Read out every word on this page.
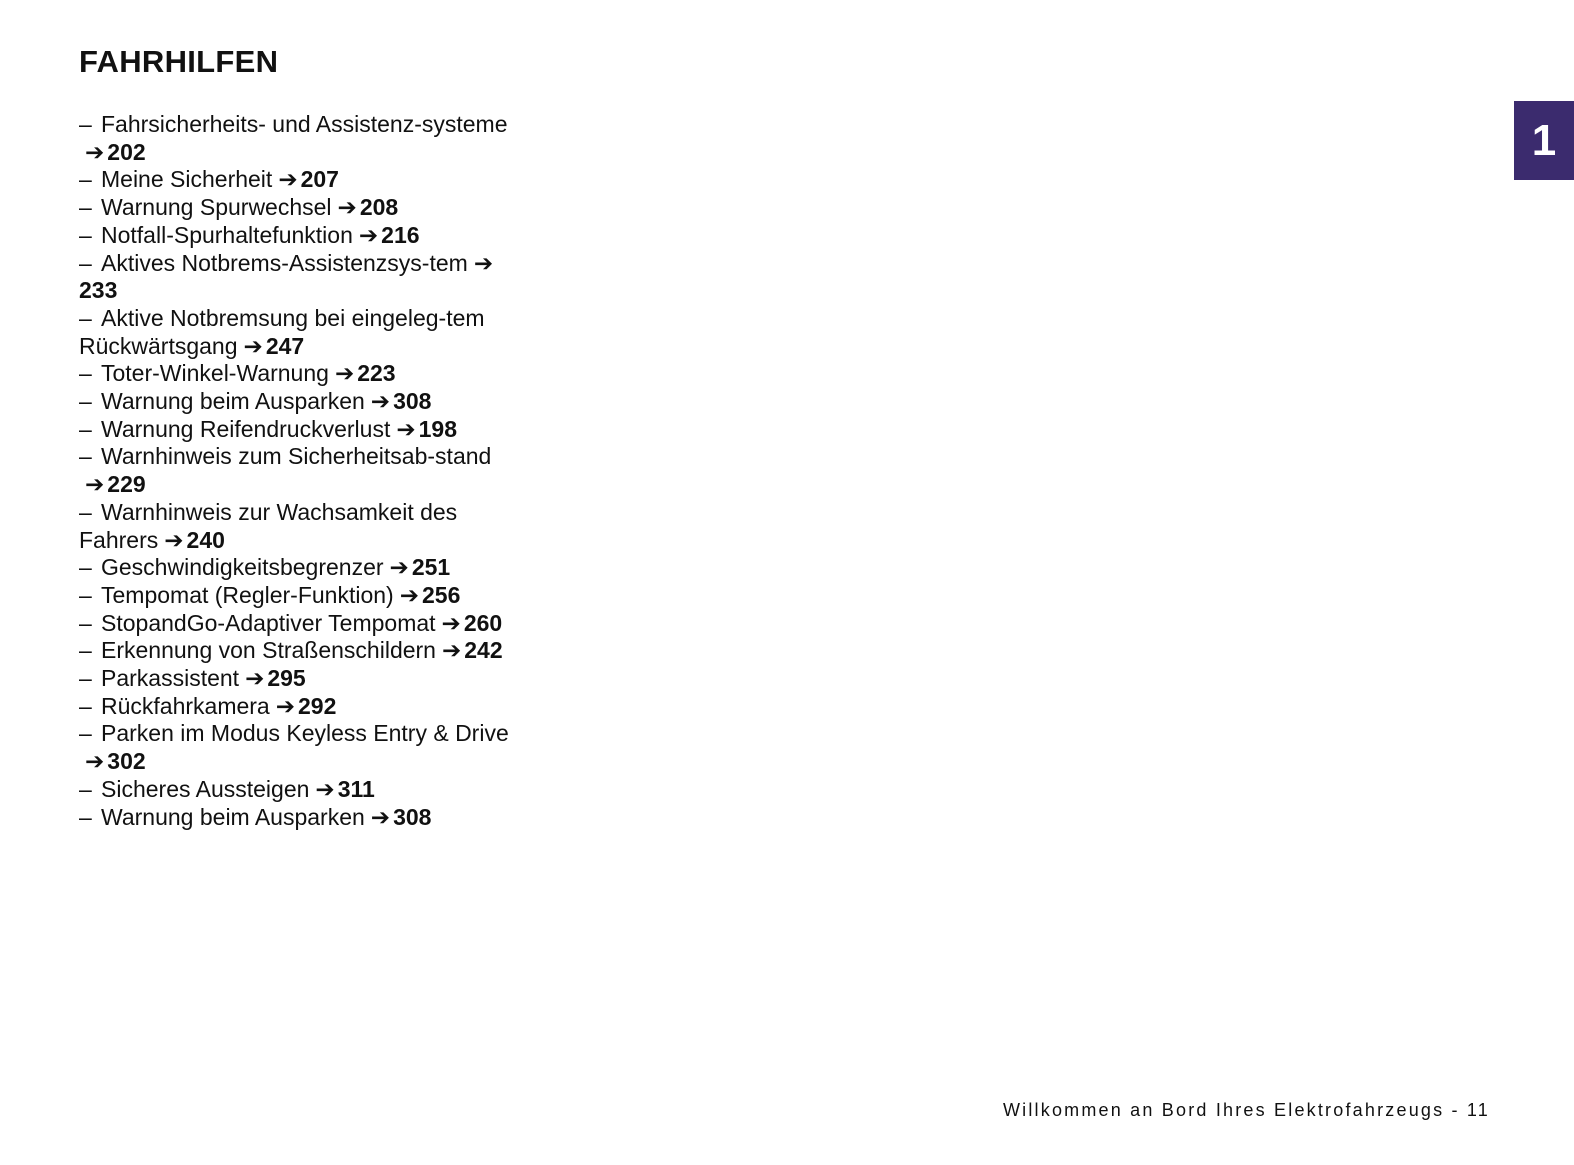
FAHRHILFEN
– Fahrsicherheits- und Assistenz-systeme➔ 202
– Meine Sicherheit ➔ 207
– Warnung Spurwechsel ➔ 208
– Notfall-Spurhaltefunktion ➔ 216
– Aktives Notbrems-Assistenzsys-tem ➔233
– Aktive Notbremsung bei eingeleg-tem Rückwärtsgang ➔ 247
– Toter-Winkel-Warnung ➔ 223
– Warnung beim Ausparken ➔ 308
– Warnung Reifendruckverlust ➔ 198
– Warnhinweis zum Sicherheitsab-stand➔ 229
– Warnhinweis zur Wachsamkeit des Fahrers ➔ 240
– Geschwindigkeitsbegrenzer ➔ 251
– Tempomat (Regler-Funktion) ➔ 256
– StopandGo-Adaptiver Tempomat ➔ 260
– Erkennung von Straßenschildern ➔ 242
– Parkassistent ➔ 295
– Rückfahrkamera ➔ 292
– Parken im Modus Keyless Entry & Drive➔ 302
– Sicheres Aussteigen ➔ 311
– Warnung beim Ausparken ➔ 308
1
Willkommen an Bord Ihres Elektrofahrzeugs - 11
